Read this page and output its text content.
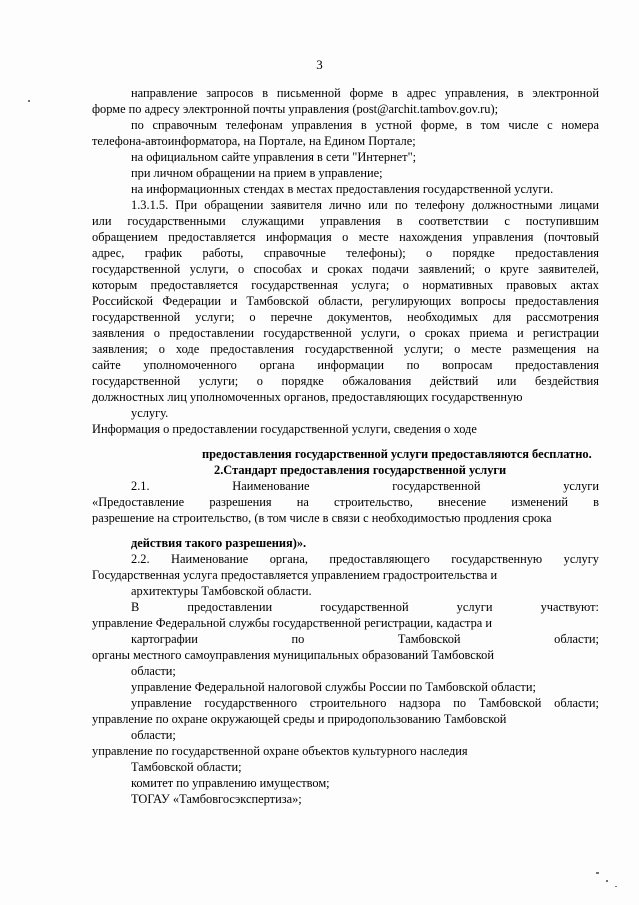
3
направление запросов в письменной форме в адрес управления, в электронной
форме по адресу электронной почты управления (post@archit.tambov.gov.ru);
по справочным телефонам управления в устной форме, в том числе с номера
телефона-автоинформатора, на Портале, на Едином Портале;
на официальном сайте управления в сети "Интернет";
при личном обращении на прием в управление;
на информационных стендах в местах предоставления государственной услуги.
1.3.1.5. При обращении заявителя лично или по телефону должностными лицами
или государственными служащими управления в соответствии с поступившим
обращением предоставляется информация о месте нахождения управления (почтовый
адрес, график работы, справочные телефоны); о порядке предоставления
государственной услуги, о способах и сроках подачи заявлений; о круге заявителей,
которым предоставляется государственная услуга; о нормативных правовых актах
Российской Федерации и Тамбовской области, регулирующих вопросы предоставления
государственной услуги; о перечне документов, необходимых для рассмотрения
заявления о предоставлении государственной услуги, о сроках приема и регистрации
заявления; о ходе предоставления государственной услуги; о месте размещения на
сайте уполномоченного органа информации по вопросам предоставления
государственной услуги; о порядке обжалования действий или бездействия
должностных лиц уполномоченных органов, предоставляющих государственную
услугу.
Информация о предоставлении государственной услуги, сведения о ходе
предоставления государственной услуги предоставляются бесплатно.
2.Стандарт предоставления государственной услуги
2.1. Наименование государственной услуги
«Предоставление разрешения на строительство, внесение изменений в
разрешение на строительство, (в том числе в связи с необходимостью продления срока
действия такого разрешения)».
2.2. Наименование органа, предоставляющего государственную услугу
Государственная услуга предоставляется управлением градостроительства и
архитектуры Тамбовской области.
В предоставлении государственной услуги участвуют:
управление Федеральной службы государственной регистрации, кадастра и
картографии по Тамбовской области;
органы местного самоуправления муниципальных образований Тамбовской
области;
управление Федеральной налоговой службы России по Тамбовской области;
управление государственного строительного надзора по Тамбовской области;
управление по охране окружающей среды и природопользованию Тамбовской
области;
управление по государственной охране объектов культурного наследия
Тамбовской области;
комитет по управлению имуществом;
ТОГАУ «Тамбовгосэкспертиза»;
